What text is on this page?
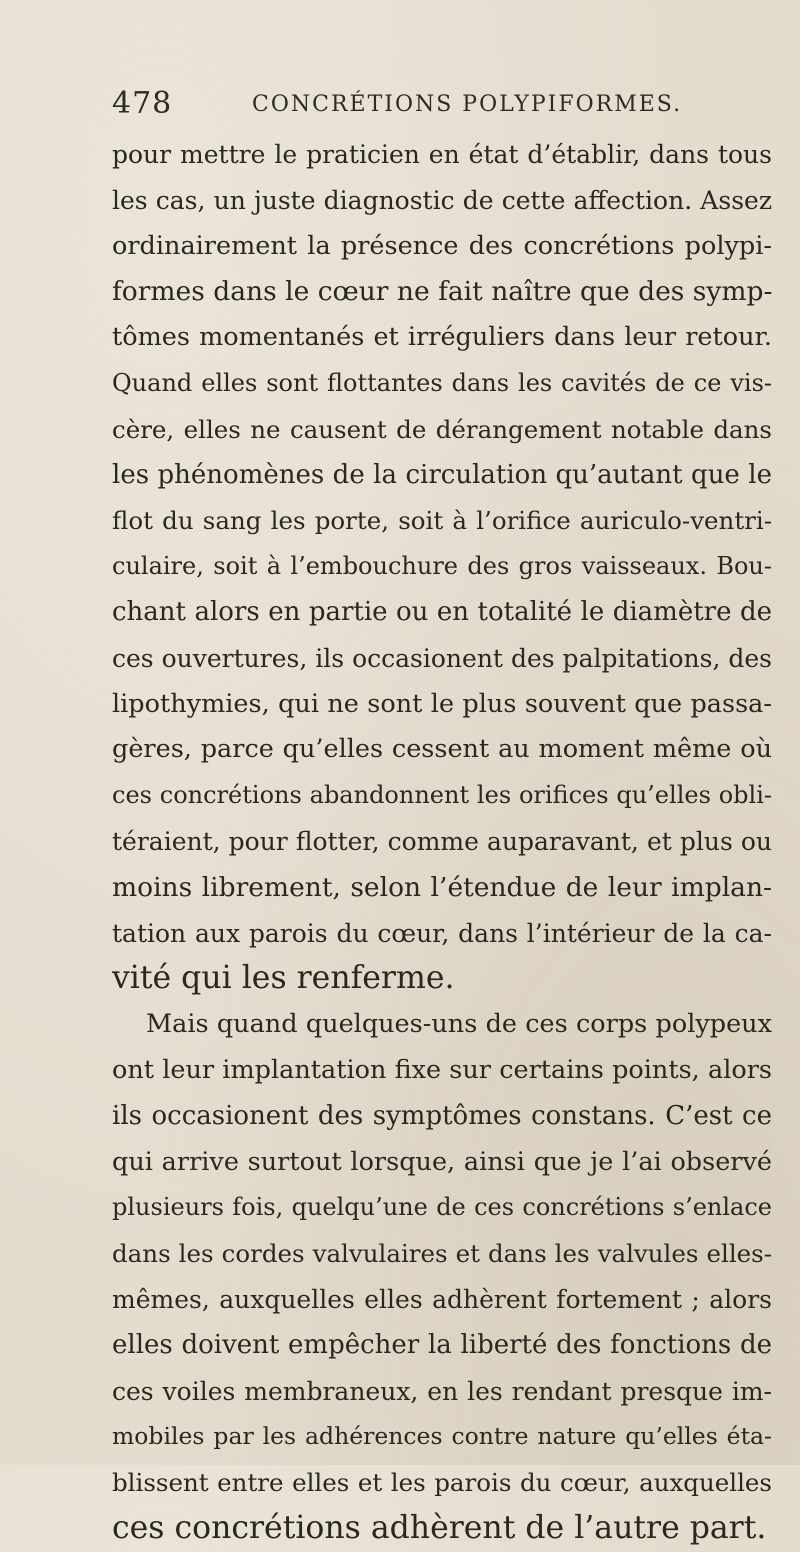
478	CONCRÉTIONS POLYPIFORMES.
pour mettre le praticien en état d’établir, dans tous
les cas, un juste diagnostic de cette affection. Assez
ordinairement la présence des concrétions polypi-
formes dans le cœur ne fait naître que des symp-
tômes momentanés et irréguliers dans leur retour.
Quand elles sont flottantes dans les cavités de ce vis-
cère, elles ne causent de dérangement notable dans
les phénomènes de la circulation qu’autant que le
flot du sang les porte, soit à l’orifice auriculo-ventri-
culaire, soit à l’embouchure des gros vaisseaux. Bou-
chant alors en partie ou en totalité le diamètre de
ces ouvertures, ils occasionent des palpitations, des
lipothymies, qui ne sont le plus souvent que passa-
gères, parce qu’elles cessent au moment même où
ces concrétions abandonnent les orifices qu’elles obli-
téraient, pour flotter, comme auparavant, et plus ou
moins librement, selon l’étendue de leur implan-
tation aux parois du cœur, dans l’intérieur de la ca-
vité qui les renferme.
Mais quand quelques-uns de ces corps polypeux
ont leur implantation fixe sur certains points, alors
ils occasionent des symptômes constans. C’est ce
qui arrive surtout lorsque, ainsi que je l’ai observé
plusieurs fois, quelqu’une de ces concrétions s’enlace
dans les cordes valvulaires et dans les valvules elles-
mêmes, auxquelles elles adhèrent fortement ; alors
elles doivent empêcher la liberté des fonctions de
ces voiles membraneux, en les rendant presque im-
mobiles par les adhérences contre nature qu’elles éta-
blissent entre elles et les parois du cœur, auxquelles
ces concrétions adhèrent de l’autre part.
